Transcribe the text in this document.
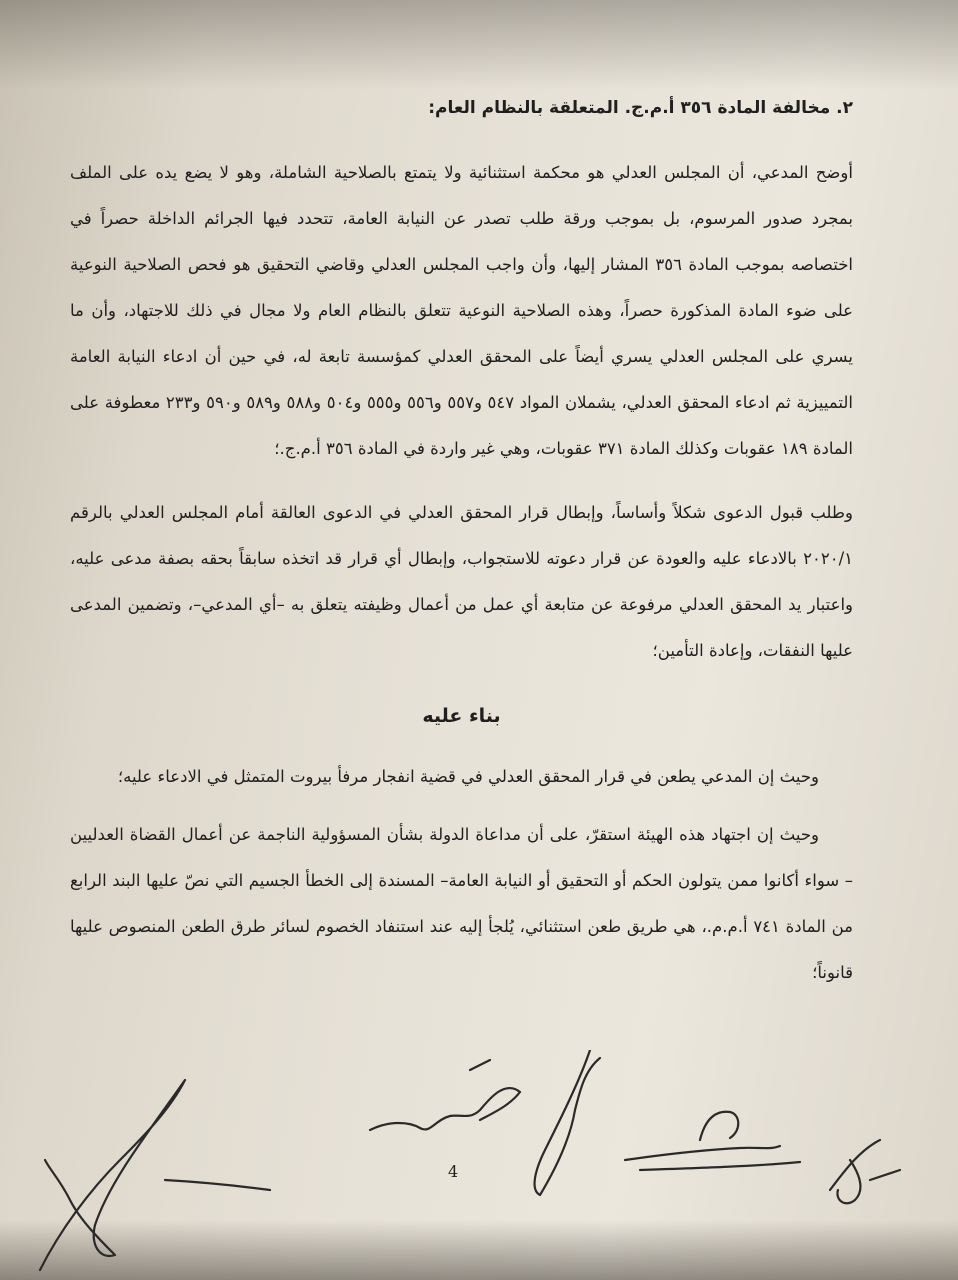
٢. مخالفة المادة ٣٥٦ أ.م.ج. المتعلقة بالنظام العام:

أوضح المدعي، أن المجلس العدلي هو محكمة استثنائية ولا يتمتع بالصلاحية الشاملة، وهو لا يضع يده على الملف بمجرد صدور المرسوم، بل بموجب ورقة طلب تصدر عن النيابة العامة، تتحدد فيها الجرائم الداخلة حصراً في اختصاصه بموجب المادة ٣٥٦ المشار إليها، وأن واجب المجلس العدلي وقاضي التحقيق هو فحص الصلاحية النوعية على ضوء المادة المذكورة حصراً، وهذه الصلاحية النوعية تتعلق بالنظام العام ولا مجال في ذلك للاجتهاد، وأن ما يسري على المجلس العدلي يسري أيضاً على المحقق العدلي كمؤسسة تابعة له، في حين أن ادعاء النيابة العامة التمييزية ثم ادعاء المحقق العدلي، يشملان المواد ٥٤٧ و٥٥٧ و٥٥٦ و٥٥٥ و٥٠٤ و٥٨٨ و٥٨٩ و٥٩٠ و٢٣٣ معطوفة على المادة ١٨٩ عقوبات وكذلك المادة ٣٧١ عقوبات، وهي غير واردة في المادة ٣٥٦ أ.م.ج.؛

وطلب قبول الدعوى شكلاً وأساساً، وإبطال قرار المحقق العدلي في الدعوى العالقة أمام المجلس العدلي بالرقم ٢٠٢٠/١ بالادعاء عليه والعودة عن قرار دعوته للاستجواب، وإبطال أي قرار قد اتخذه سابقاً بحقه بصفة مدعى عليه، واعتبار يد المحقق العدلي مرفوعة عن متابعة أي عمل من أعمال وظيفته يتعلق به –أي المدعي–، وتضمين المدعى عليها النفقات، وإعادة التأمين؛

بناء عليه

وحيث إن المدعي يطعن في قرار المحقق العدلي في قضية انفجار مرفأ بيروت المتمثل في الادعاء عليه؛

وحيث إن اجتهاد هذه الهيئة استقرّ، على أن مداعاة الدولة بشأن المسؤولية الناجمة عن أعمال القضاة العدليين – سواء أكانوا ممن يتولون الحكم أو التحقيق أو النيابة العامة– المسندة إلى الخطأ الجسيم التي نصّ عليها البند الرابع من المادة ٧٤١ أ.م.م.، هي طريق طعن استثنائي، يُلجأ إليه عند استنفاد الخصوم لسائر طرق الطعن المنصوص عليها قانوناً؛

4
